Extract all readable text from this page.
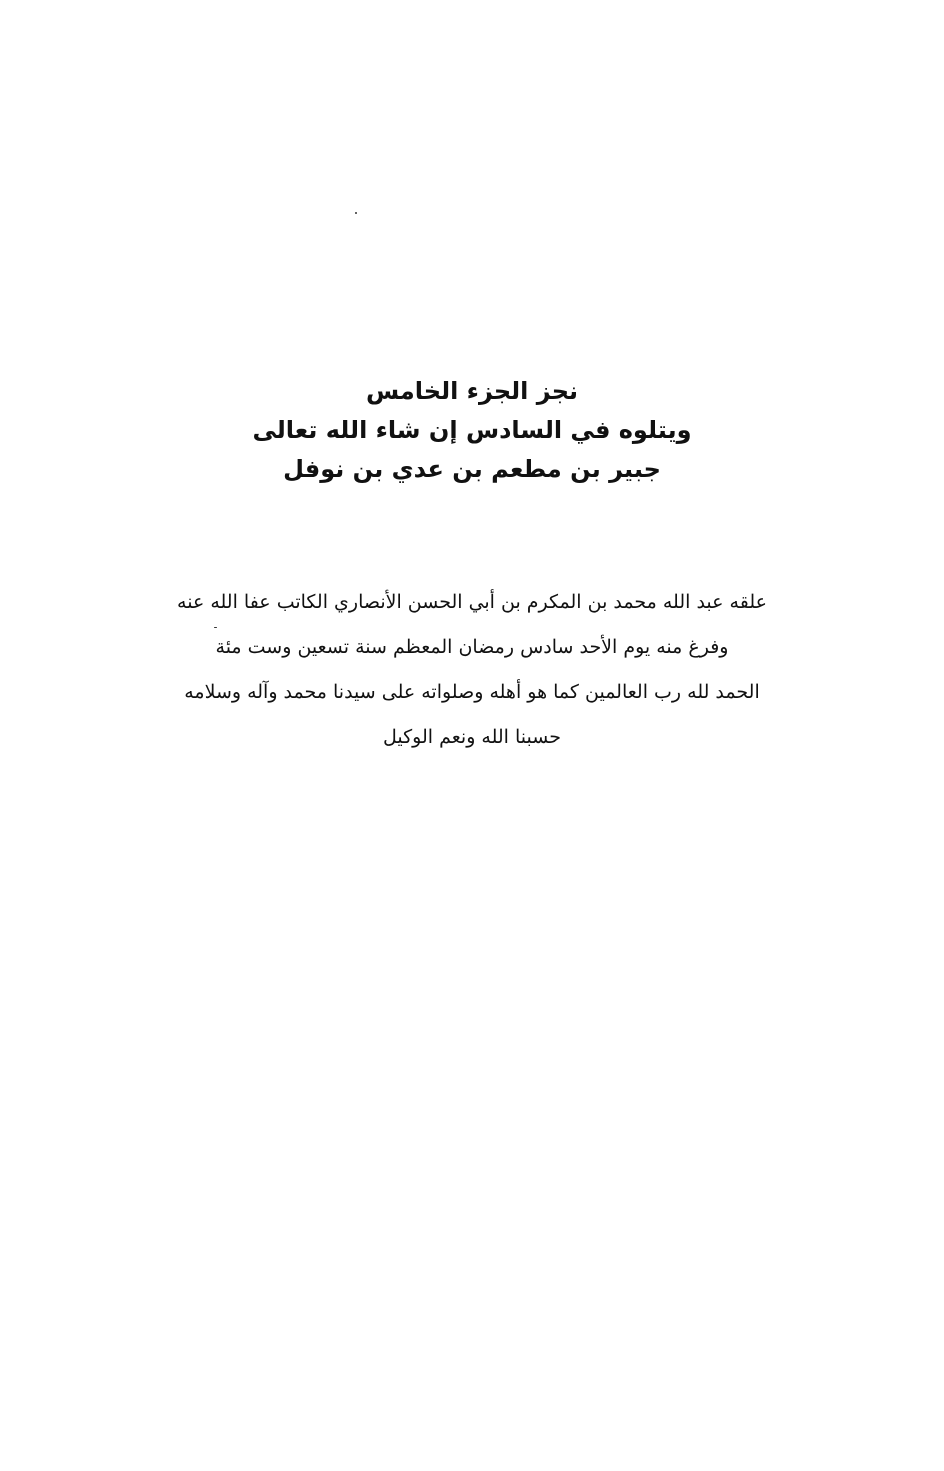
نجز الجزء الخامس
ويتلوه في السادس إن شاء الله تعالى
جبير بن مطعم بن عدي بن نوفل
علقه عبد الله محمد بن المكرم بن أبي الحسن الأنصاري الكاتب عفا الله عنه
وفرغ منه يوم الأحد سادس رمضان المعظم سنة تسعين وست مئة
الحمد لله رب العالمين كما هو أهله وصلواته على سيدنا محمد وآله وسلامه
حسبنا الله ونعم الوكيل
